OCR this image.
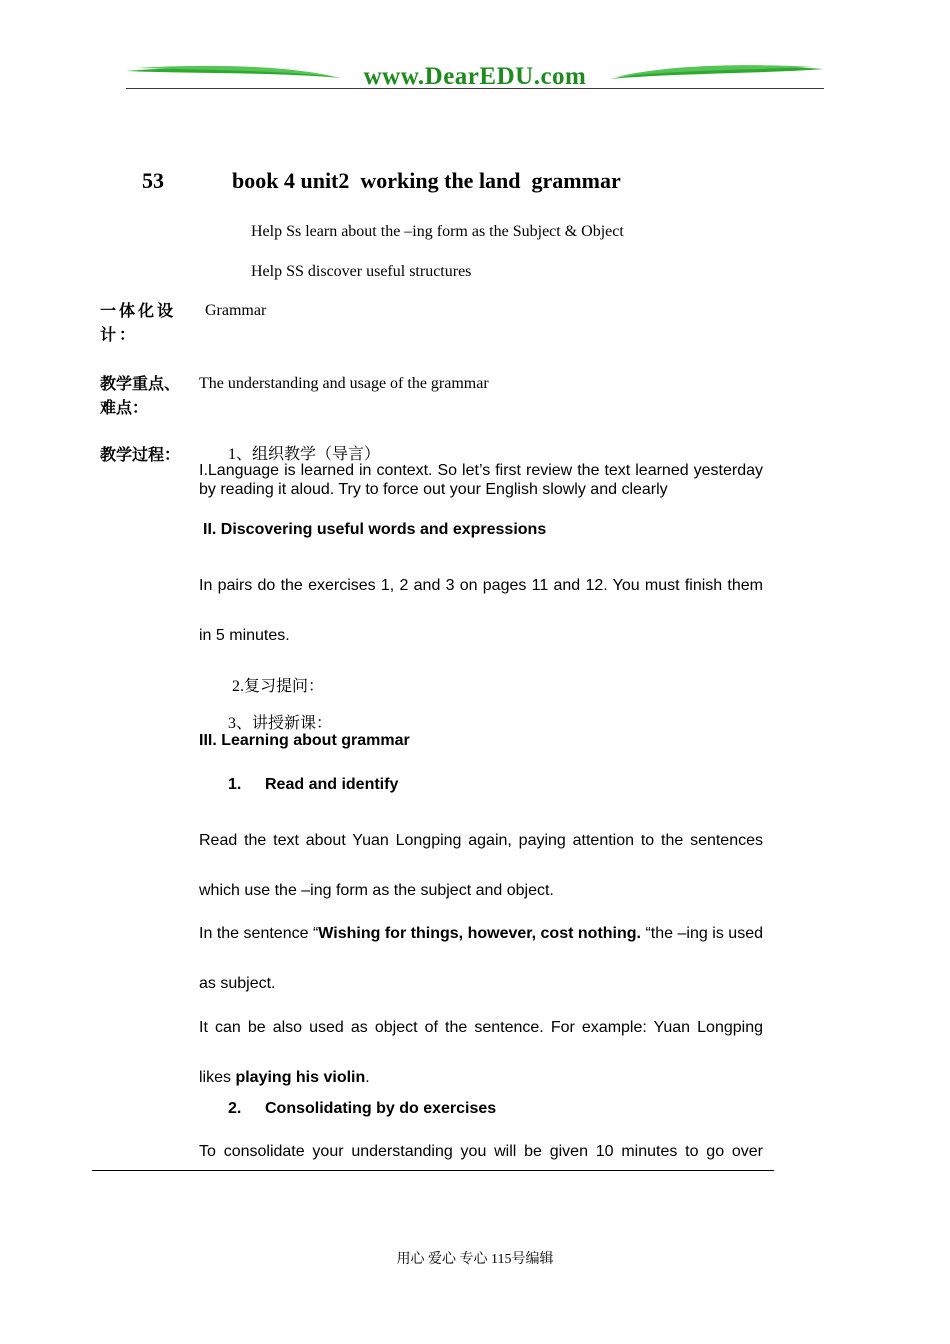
www.DearEDU.com
53	book 4 unit2  working the land  grammar
Help Ss learn about the –ing form as the Subject & Object
Help SS discover useful structures
一体化设计：
Grammar
教学重点、难点：
The understanding and usage of the grammar
教学过程：	1、组织教学（导言）
I.Language is learned in context. So let’s first review the text learned yesterday by reading it aloud. Try to force out your English slowly and clearly
II. Discovering useful words and expressions
In pairs do the exercises 1, 2 and 3 on pages 11 and 12. You must finish them in 5 minutes.
2.复习提问：
3、讲授新课：
III. Learning about grammar
1. Read and identify
Read the text about Yuan Longping again, paying attention to the sentences which use the –ing form as the subject and object.
In the sentence “Wishing for things, however, cost nothing. “the –ing is used as subject.
It can be also used as object of the sentence. For example: Yuan Longping likes playing his violin.
2. Consolidating by do exercises
To consolidate your understanding you will be given 10 minutes to go over
用心 爱心 专心 115号编辑
